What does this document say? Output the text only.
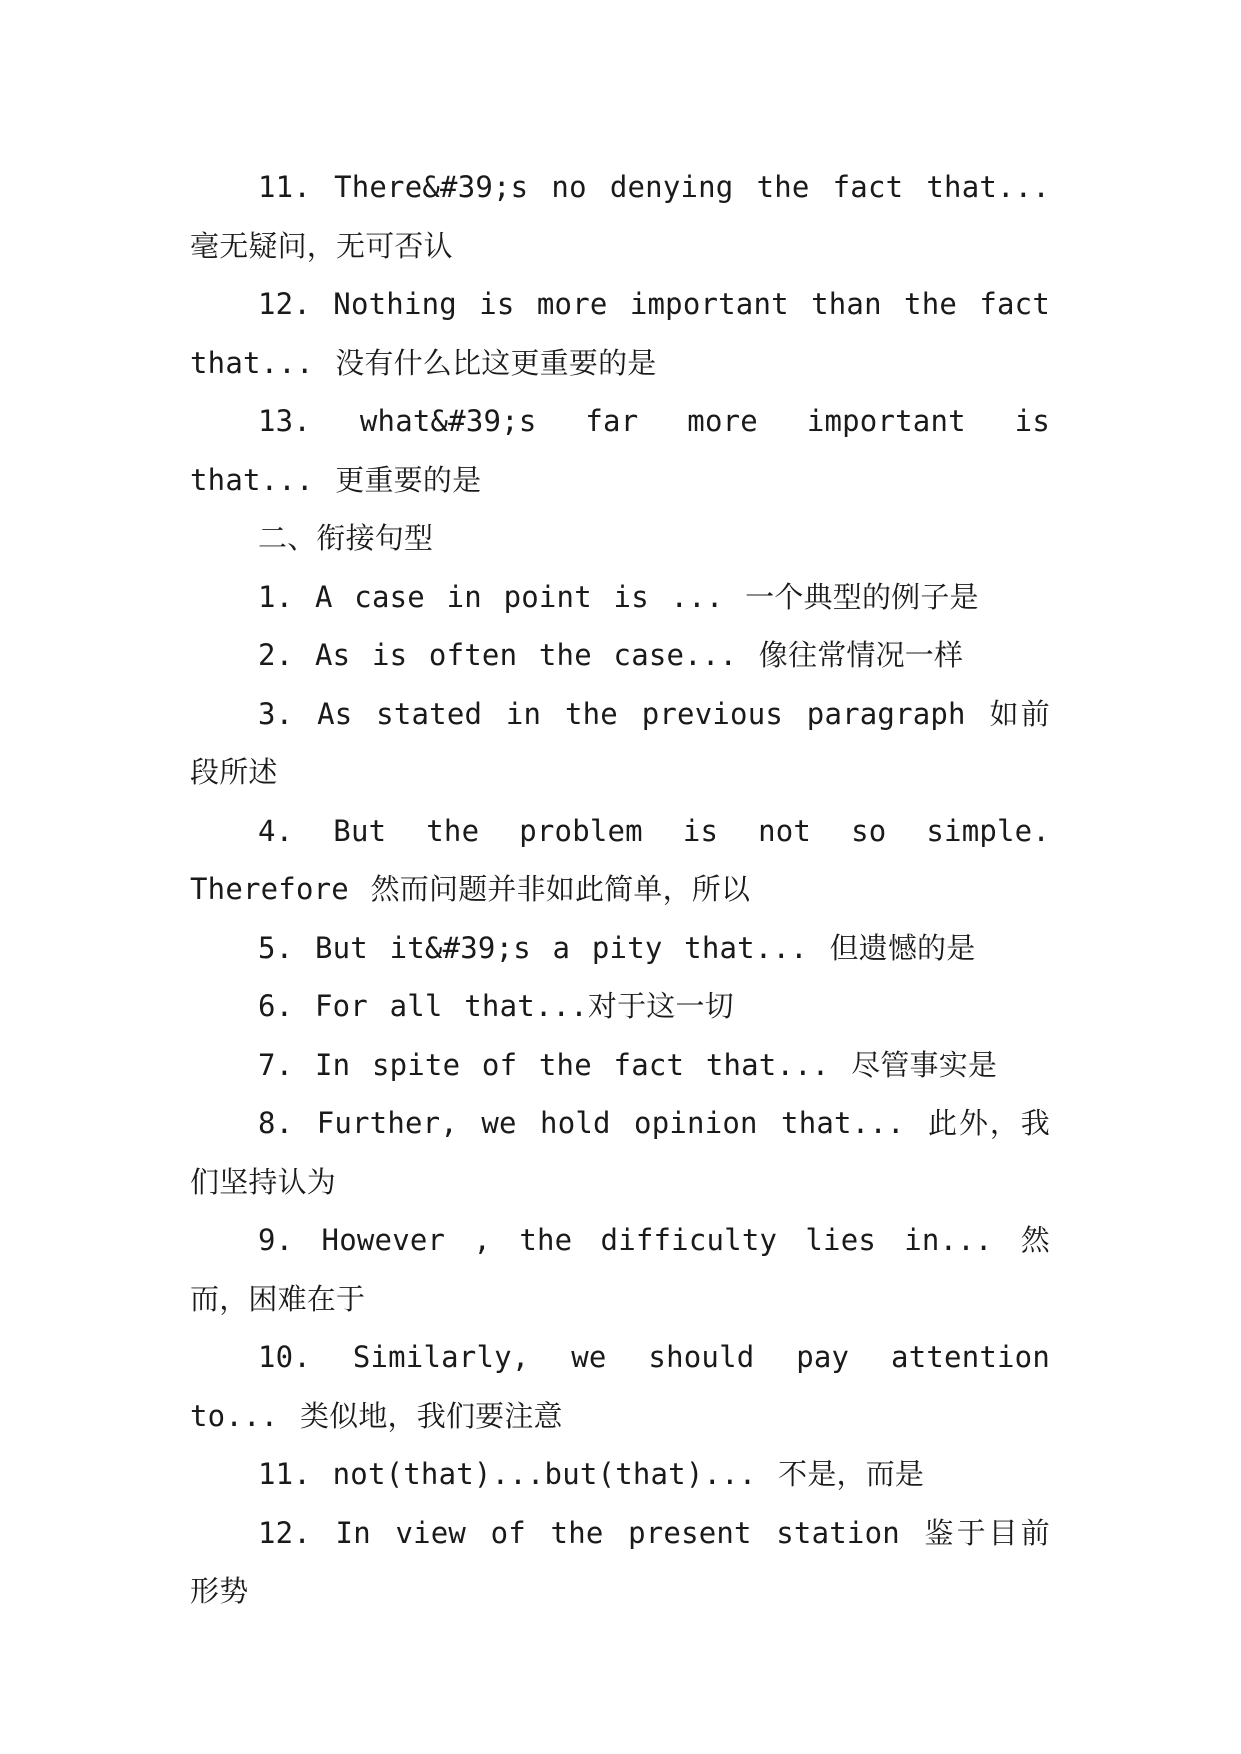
11. There&#39;s no denying the fact that... 毫无疑问，无可否认

12. Nothing is more important than the fact that... 没有什么比这更重要的是

13. what&#39;s far more important is that... 更重要的是

二、衔接句型

1. A case in point is ... 一个典型的例子是

2. As is often the case... 像往常情况一样

3. As stated in the previous paragraph 如前段所述

4. But the problem is not so simple. Therefore 然而问题并非如此简单，所以

5. But it&#39;s a pity that... 但遗憾的是

6. For all that...对于这一切

7. In spite of the fact that... 尽管事实是

8. Further, we hold opinion that... 此外，我们坚持认为

9. However , the difficulty lies in... 然而，困难在于

10. Similarly, we should pay attention to... 类似地，我们要注意

11. not(that)...but(that)... 不是，而是

12. In view of the present station 鉴于目前形势
